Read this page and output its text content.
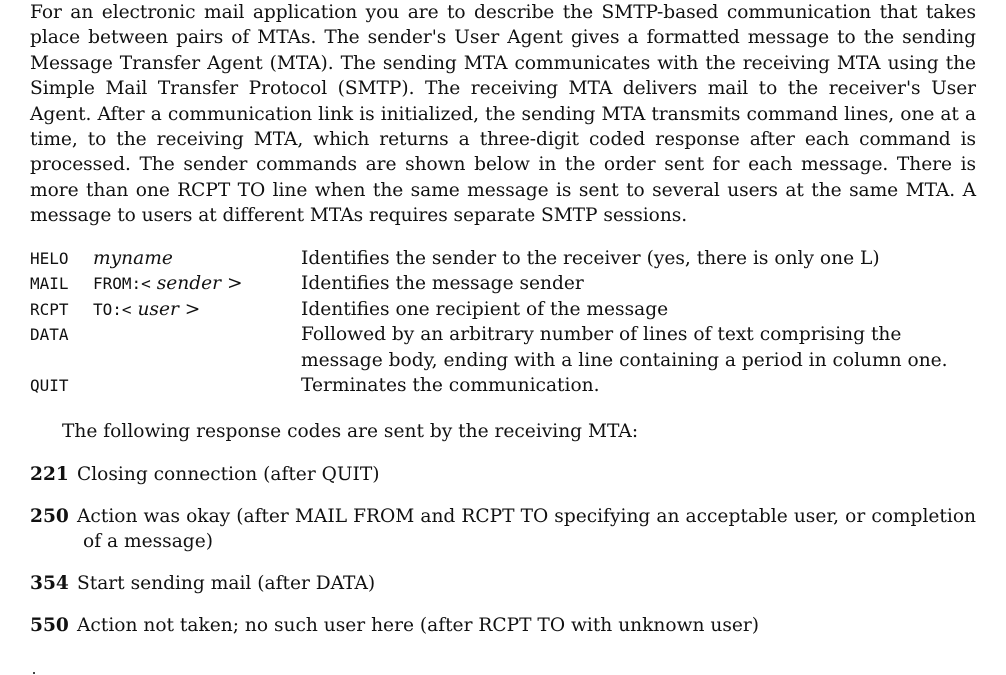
For an electronic mail application you are to describe the SMTP-based communication that takes place between pairs of MTAs. The sender's User Agent gives a formatted message to the sending Message Transfer Agent (MTA). The sending MTA communicates with the receiving MTA using the Simple Mail Transfer Protocol (SMTP). The receiving MTA delivers mail to the receiver's User Agent. After a communication link is initialized, the sending MTA transmits command lines, one at a time, to the receiving MTA, which returns a three-digit coded response after each command is processed. The sender commands are shown below in the order sent for each message. There is more than one RCPT TO line when the same message is sent to several users at the same MTA. A message to users at different MTAs requires separate SMTP sessions.

HELO myname	Identifies the sender to the receiver (yes, there is only one L)
MAIL FROM:< sender >	Identifies the message sender
RCPT TO:< user >	Identifies one recipient of the message
DATA	Followed by an arbitrary number of lines of text comprising the message body, ending with a line containing a period in column one.
QUIT	Terminates the communication.
The following response codes are sent by the receiving MTA:
221 Closing connection (after QUIT)
250 Action was okay (after MAIL FROM and RCPT TO specifying an acceptable user, or completion of a message)
354 Start sending mail (after DATA)
550 Action not taken; no such user here (after RCPT TO with unknown user)
